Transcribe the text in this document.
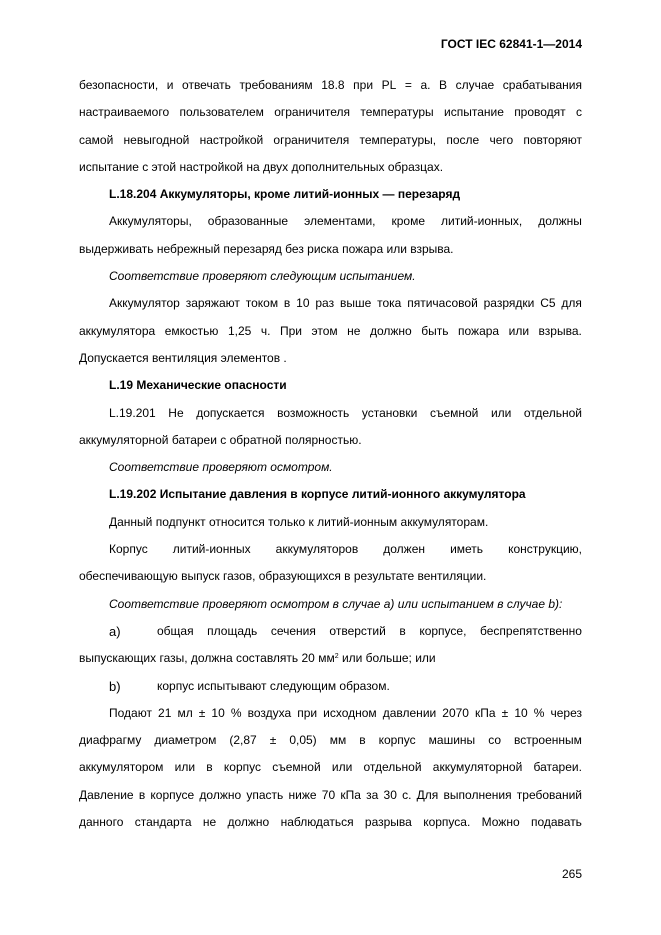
ГОСТ IEC 62841-1—2014
безопасности, и отвечать требованиям 18.8 при PL = a. В случае срабатывания
настраиваемого пользователем ограничителя температуры испытание проводят с
самой невыгодной настройкой ограничителя температуры, после чего повторяют
испытание с этой настройкой на двух дополнительных образцах.
L.18.204 Аккумуляторы, кроме литий-ионных — перезаряд
Аккумуляторы, образованные элементами, кроме литий-ионных, должны
выдерживать небрежный перезаряд без риска пожара или взрыва.
Соответствие проверяют следующим испытанием.
Аккумулятор заряжают током в 10 раз выше тока пятичасовой разрядки C5 для
аккумулятора емкостью 1,25 ч. При этом не должно быть пожара или взрыва.
Допускается вентиляция элементов .
L.19 Механические опасности
L.19.201 Не допускается возможность установки съемной или отдельной
аккумуляторной батареи с обратной полярностью.
Соответствие проверяют осмотром.
L.19.202 Испытание давления в корпусе литий-ионного аккумулятора
Данный подпункт относится только к литий-ионным аккумуляторам.
Корпус литий-ионных аккумуляторов должен иметь конструкцию,
обеспечивающую выпуск газов, образующихся в результате вентиляции.
Соответствие проверяют осмотром в случае a) или испытанием в случае b):
a)	общая площадь сечения отверстий в корпусе, беспрепятственно
выпускающих газы, должна составлять 20 $мм^2$ или больше; или
b)	корпус испытывают следующим образом.
Подают 21 мл ± 10 % воздуха при исходном давлении 2070 кПа ± 10 % через
диафрагму диаметром (2,87 ± 0,05) мм в корпус машины со встроенным
аккумулятором или в корпус съемной или отдельной аккумуляторной батареи.
Давление в корпусе должно упасть ниже 70 кПа за 30 с. Для выполнения требований
данного стандарта не должно наблюдаться разрыва корпуса. Можно подавать
265
